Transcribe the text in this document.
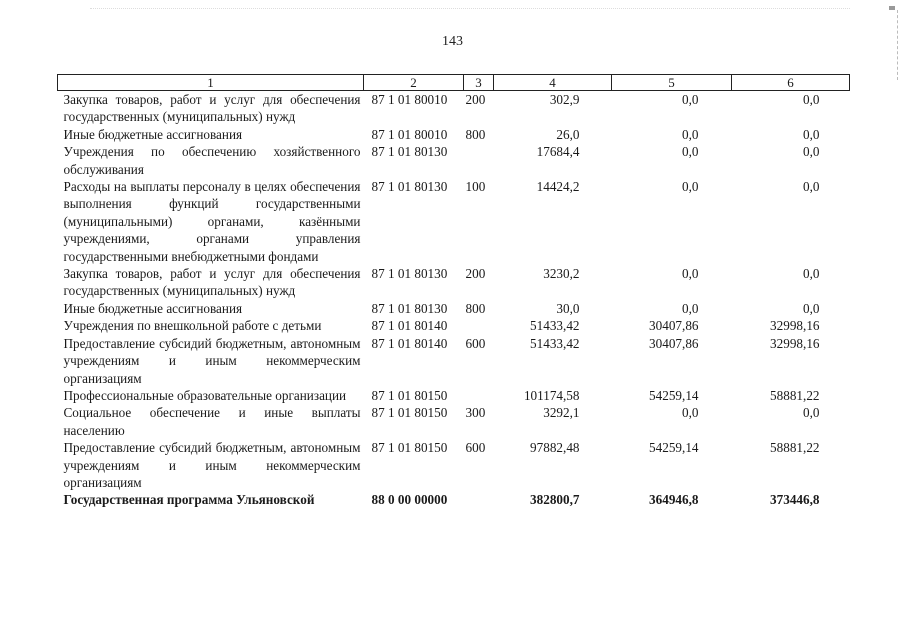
143
1	2	3	4	5	6
Закупка товаров, работ и услуг для обеспечения государственных (муниципальных) нужд	87 1 01 80010	200	302,9	0,0	0,0
Иные бюджетные ассигнования	87 1 01 80010	800	26,0	0,0	0,0
Учреждения по обеспечению хозяйственного обслуживания	87 1 01 80130		17684,4	0,0	0,0
Расходы на выплаты персоналу в целях обеспечения выполнения функций государственными (муниципальными) органами, казёнными учреждениями, органами управления государственными внебюджетными фондами	87 1 01 80130	100	14424,2	0,0	0,0
Закупка товаров, работ и услуг для обеспечения государственных (муниципальных) нужд	87 1 01 80130	200	3230,2	0,0	0,0
Иные бюджетные ассигнования	87 1 01 80130	800	30,0	0,0	0,0
Учреждения по внешкольной работе с детьми	87 1 01 80140		51433,42	30407,86	32998,16
Предоставление субсидий бюджетным, автономным учреждениям и иным некоммерческим организациям	87 1 01 80140	600	51433,42	30407,86	32998,16
Профессиональные образовательные организации	87 1 01 80150		101174,58	54259,14	58881,22
Социальное обеспечение и иные выплаты населению	87 1 01 80150	300	3292,1	0,0	0,0
Предоставление субсидий бюджетным, автономным учреждениям и иным некоммерческим организациям	87 1 01 80150	600	97882,48	54259,14	58881,22
Государственная программа Ульяновской	88 0 00 00000		382800,7	364946,8	373446,8
